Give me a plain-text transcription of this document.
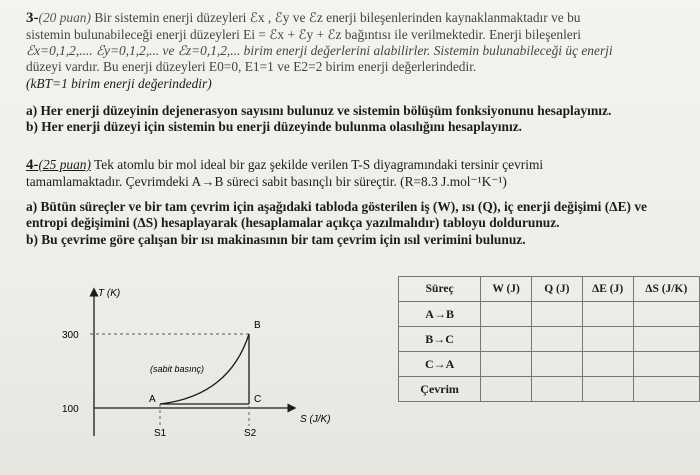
3-(20 puan) Bir sistemin enerji düzeyleri ℰx , ℰy ve ℰz enerji bileşenlerinden kaynaklanmaktadır ve bu
sistemin bulunabileceği enerji düzeyleri Ei = ℰx + ℰy + ℰz bağıntısı ile verilmektedir. Enerji bileşenleri
ℰx=0,1,2,.... ℰy=0,1,2,... ve ℰz=0,1,2,... birim enerji değerlerini alabilirler. Sistemin bulunabileceği üç enerji
düzeyi vardır. Bu enerji düzeyleri E0=0, E1=1 ve E2=2 birim enerji değerlerindedir.
(kBT=1 birim enerji değerindedir)
a) Her enerji düzeyinin dejenerasyon sayısını bulunuz ve sistemin bölüşüm fonksiyonunu hesaplayınız.
b) Her enerji düzeyi için sistemin bu enerji düzeyinde bulunma olasılığını hesaplayınız.
4-(25 puan) Tek atomlu bir mol ideal bir gaz şekilde verilen T-S diyagramındaki tersinir çevrimi
tamamlamaktadır. Çevrimdeki A→B süreci sabit basınçlı bir süreçtir. (R=8.3 J.mol⁻¹K⁻¹)
a) Bütün süreçler ve bir tam çevrim için aşağıdaki tabloda gösterilen iş (W), ısı (Q), iç enerji değişimi (ΔE) ve
entropi değişimini (ΔS) hesaplayarak (hesaplamalar açıkça yazılmalıdır) tabloyu doldurunuz.
b) Bu çevrime göre çalışan bir ısı makinasının bir tam çevrim için ısıl verimini bulunuz.
T (K)
S (J/K)
300
100
A
B
C
(sabit basınç)
S1	S2
Süreç	W (J)	Q (J)	ΔE (J)	ΔS (J/K)
A→B				
B→C				
C→A				
Çevrim				
